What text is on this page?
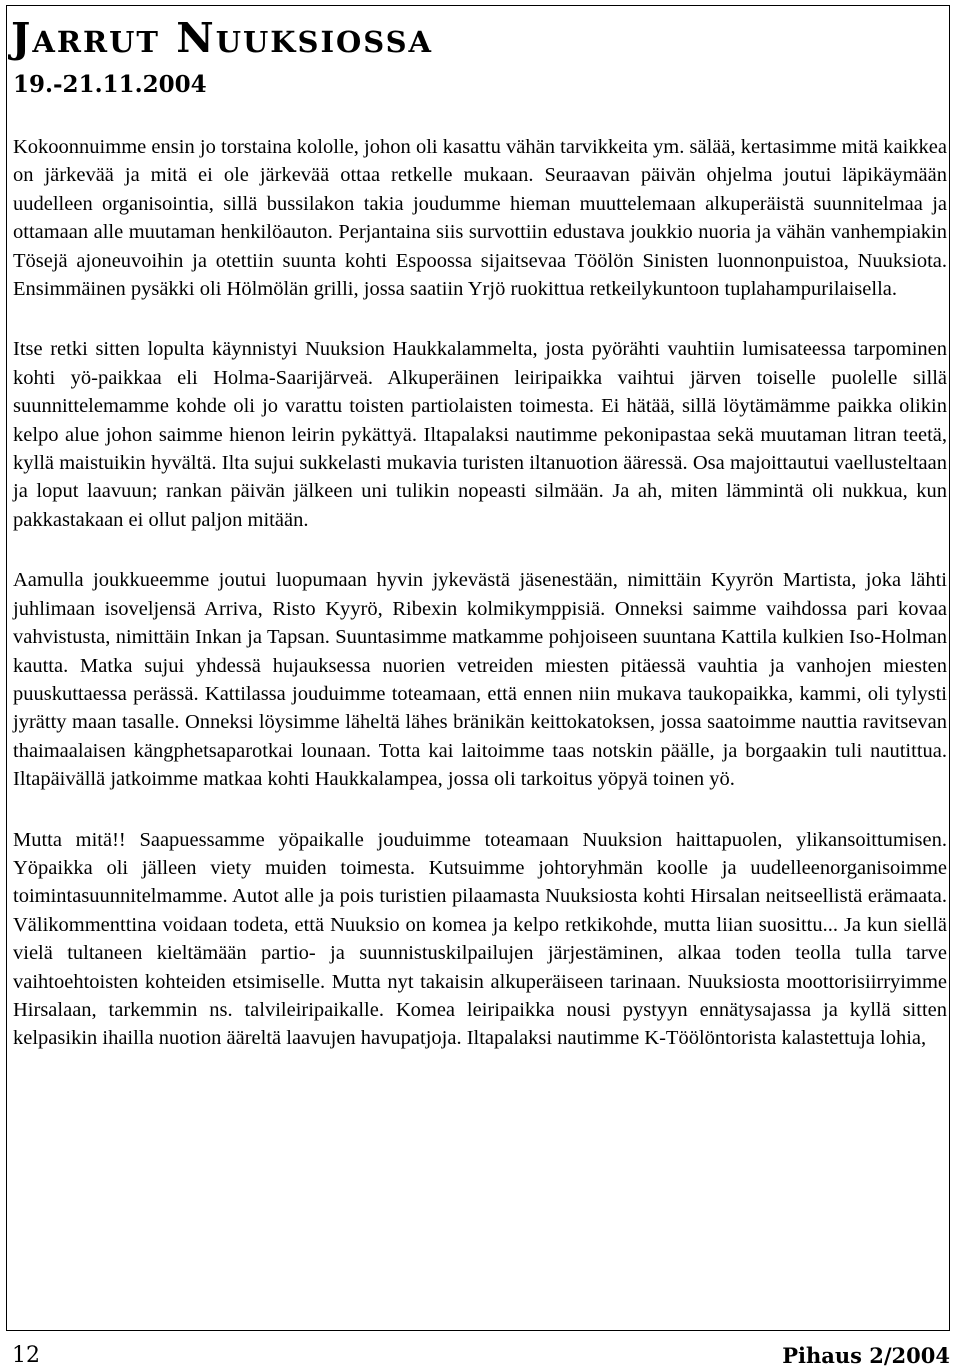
Jarrut Nuuksiossa
19.-21.11.2004

Kokoonnuimme ensin jo torstaina kololle, johon oli kasattu vähän tarvikkeita ym. sälää, kertasimme mitä kaikkea on järkevää ja mitä ei ole järkevää ottaa retkelle mukaan. Seuraavan päivän ohjelma joutui läpikäymään uudelleen organisointia, sillä bussilakon takia joudumme hieman muuttelemaan alkuperäistä suunnitelmaa ja ottamaan alle muutaman henkilöauton. Perjantaina siis survottiin edustava joukkio nuoria ja vähän vanhempiakin Tösejä ajoneuvoihin ja otettiin suunta kohti Espoossa sijaitsevaa Töölön Sinisten luonnonpuistoa, Nuuksiota. Ensimmäinen pysäkki oli Hölmölän grilli, jossa saatiin Yrjö ruokittua retkeilykuntoon tuplahampurilaisella.

Itse retki sitten lopulta käynnistyi Nuuksion Haukkalammelta, josta pyörähti vauhtiin lumisateessa tarpominen kohti yö-paikkaa eli Holma-Saarijärveä. Alkuperäinen leiripaikka vaihtui järven toiselle puolelle sillä suunnittelemamme kohde oli jo varattu toisten partiolaisten toimesta. Ei hätää, sillä löytämämme paikka olikin kelpo alue johon saimme hienon leirin pykättyä. Iltapalaksi nautimme pekonipastaa sekä muutaman litran teetä, kyllä maistuikin hyvältä. Ilta sujui sukkelasti mukavia turisten iltanuotion ääressä. Osa majoittautui vaellusteltaan ja loput laavuun; rankan päivän jälkeen uni tulikin nopeasti silmään. Ja ah, miten lämmintä oli nukkua, kun pakkastakaan ei ollut paljon mitään.

Aamulla joukkueemme joutui luopumaan hyvin jykevästä jäsenestään, nimittäin Kyyrön Martista, joka lähti juhlimaan isoveljensä Arriva, Risto Kyyrö, Ribexin kolmikymppisiä. Onneksi saimme vaihdossa pari kovaa vahvistusta, nimittäin Inkan ja Tapsan. Suuntasimme matkamme pohjoiseen suuntana Kattila kulkien Iso-Holman kautta. Matka sujui yhdessä hujauksessa nuorien vetreiden miesten pitäessä vauhtia ja vanhojen miesten puuskuttaessa perässä. Kattilassa jouduimme toteamaan, että ennen niin mukava taukopaikka, kammi, oli tylysti jyrätty maan tasalle. Onneksi löysimme läheltä lähes bränikän keittokatoksen, jossa saatoimme nauttia ravitsevan thaimaalaisen kängphetsaparotkai lounaan. Totta kai laitoimme taas notskin päälle, ja borgaakin tuli nautittua. Iltapäivällä jatkoimme matkaa kohti Haukkalampea, jossa oli tarkoitus yöpyä toinen yö.

Mutta mitä!! Saapuessamme yöpaikalle jouduimme toteamaan Nuuksion haittapuolen, ylikansoittumisen. Yöpaikka oli jälleen viety muiden toimesta. Kutsuimme johtoryhmän koolle ja uudelleenorganisoimme toimintasuunnitelmamme. Autot alle ja pois turistien pilaamasta Nuuksiosta kohti Hirsalan neitseellistä erämaata. Välikommenttina voidaan todeta, että Nuuksio on komea ja kelpo retkikohde, mutta liian suosittu... Ja kun siellä vielä tultaneen kieltämään partio- ja suunnistuskilpailujen järjestäminen, alkaa toden teolla tulla tarve vaihtoehtoisten kohteiden etsimiselle. Mutta nyt takaisin alkuperäiseen tarinaan. Nuuksiosta moottorisiirryimme Hirsalaan, tarkemmin ns. talvileiripaikalle. Komea leiripaikka nousi pystyyn ennätysajassa ja kyllä sitten kelpasikin ihailla nuotion ääreltä laavujen havupatjoja. Iltapalaksi nautimme K-Töölöntorista kalastettuja lohia,

12	Pihaus 2/2004
